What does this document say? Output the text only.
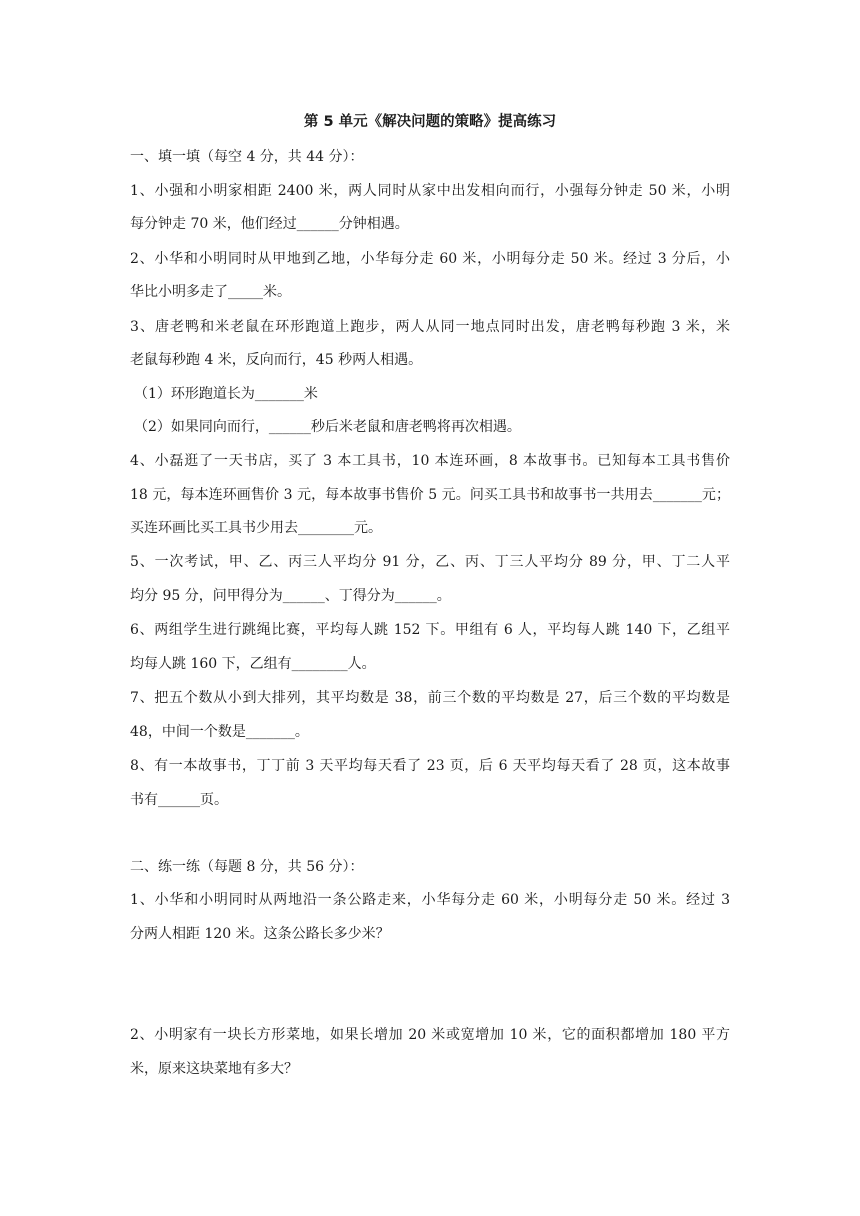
第 5 单元《解决问题的策略》提高练习
一、填一填（每空 4 分，共 44 分）：
1、小强和小明家相距 2400 米，两人同时从家中出发相向而行，小强每分钟走 50 米，小明
每分钟走 70 米，他们经过______分钟相遇。
2、小华和小明同时从甲地到乙地，小华每分走 60 米，小明每分走 50 米。经过 3 分后，小
华比小明多走了_____米。
3、唐老鸭和米老鼠在环形跑道上跑步，两人从同一地点同时出发，唐老鸭每秒跑 3 米，米
老鼠每秒跑 4 米，反向而行，45 秒两人相遇。
（1）环形跑道长为_______米
（2）如果同向而行，______秒后米老鼠和唐老鸭将再次相遇。
4、小磊逛了一天书店，买了 3 本工具书，10 本连环画，8 本故事书。已知每本工具书售价
18 元，每本连环画售价 3 元，每本故事书售价 5 元。问买工具书和故事书一共用去_______元；
买连环画比买工具书少用去________元。
5、一次考试，甲、乙、丙三人平均分 91 分，乙、丙、丁三人平均分 89 分，甲、丁二人平
均分 95 分，问甲得分为______、丁得分为______。
6、两组学生进行跳绳比赛，平均每人跳 152 下。甲组有 6 人，平均每人跳 140 下，乙组平
均每人跳 160 下，乙组有________人。
7、把五个数从小到大排列，其平均数是 38，前三个数的平均数是 27，后三个数的平均数是
48，中间一个数是_______。
8、有一本故事书，丁丁前 3 天平均每天看了 23 页，后 6 天平均每天看了 28 页，这本故事
书有______页。
二、练一练（每题 8 分，共 56 分）：
1、小华和小明同时从两地沿一条公路走来，小华每分走 60 米，小明每分走 50 米。经过 3
分两人相距 120 米。这条公路长多少米？
2、小明家有一块长方形菜地，如果长增加 20 米或宽增加 10 米，它的面积都增加 180 平方
米，原来这块菜地有多大？
